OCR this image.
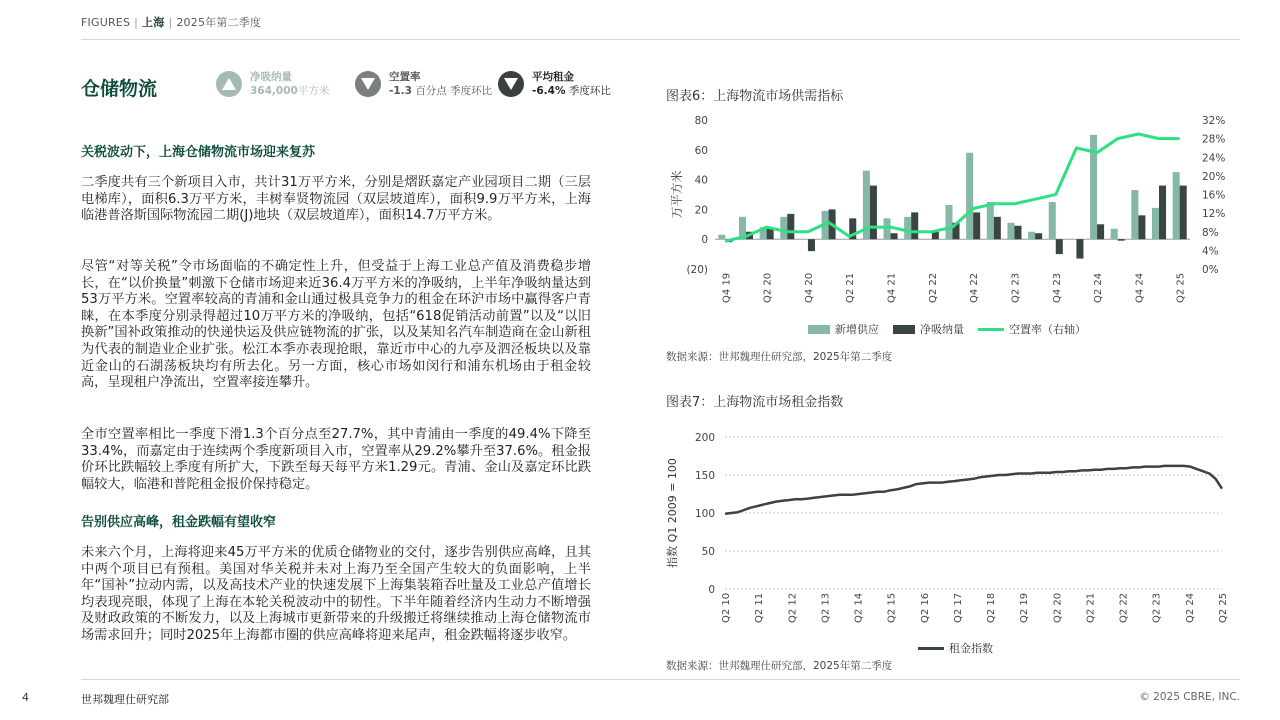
FIGURES | 上海 | 2025年第二季度
仓储物流
净吸纳量
364,000平方米
空置率
-1.3 百分点 季度环比
平均租金
-6.4% 季度环比
关税波动下，上海仓储物流市场迎来复苏
二季度共有三个新项目入市，共计31万平方米，分别是熠跃嘉定产业园项目二期（三层电梯库），面积6.3万平方米，丰树奉贤物流园（双层坡道库），面积9.9万平方米，上海临港普洛斯国际物流园二期(J)地块（双层坡道库），面积14.7万平方米。
尽管“对等关税”令市场面临的不确定性上升，但受益于上海工业总产值及消费稳步增长，在“以价换量”刺激下仓储市场迎来近36.4万平方米的净吸纳，上半年净吸纳量达到53万平方米。空置率较高的青浦和金山通过极具竞争力的租金在环沪市场中赢得客户青睐，在本季度分别录得超过10万平方米的净吸纳，包括“618促销活动前置”以及“以旧换新”国补政策推动的快递快运及供应链物流的扩张，以及某知名汽车制造商在金山新租为代表的制造业企业扩张。松江本季亦表现抢眼，靠近市中心的九亭及泗泾板块以及靠近金山的石湖荡板块均有所去化。另一方面，核心市场如闵行和浦东机场由于租金较高，呈现租户净流出，空置率接连攀升。
全市空置率相比一季度下滑1.3个百分点至27.7%，其中青浦由一季度的49.4%下降至33.4%，而嘉定由于连续两个季度新项目入市，空置率从29.2%攀升至37.6%。租金报价环比跌幅较上季度有所扩大，下跌至每天每平方米1.29元。青浦、金山及嘉定环比跌幅较大，临港和普陀租金报价保持稳定。
告别供应高峰，租金跌幅有望收窄
未来六个月，上海将迎来45万平方米的优质仓储物业的交付，逐步告别供应高峰，且其中两个项目已有预租。美国对华关税并未对上海乃至全国产生较大的负面影响，上半年“国补”拉动内需，以及高技术产业的快速发展下上海集装箱吞吐量及工业总产值增长均表现亮眼，体现了上海在本轮关税波动中的韧性。下半年随着经济内生动力不断增强及财政政策的不断发力，以及上海城市更新带来的升级搬迁将继续推动上海仓储物流市场需求回升；同时2025年上海都市圈的供应高峰将迎来尾声，租金跌幅将逐步收窄。
图表6：上海物流市场供需指标
(20)
0
20
40
60
80
0%
4%
8%
12%
16%
20%
24%
28%
32%
万平方米
Q4 19	Q2 20	Q4 20	Q2 21	Q4 21	Q2 22	Q4 22	Q2 23	Q4 23	Q2 24	Q4 24	Q2 25
新增供应	净吸纳量	空置率（右轴）
数据来源：世邦魏理仕研究部，2025年第二季度
图表7：上海物流市场租金指数
0
50
100
150
200
指数 Q1 2009 = 100
Q2 10 Q2 11 Q2 12 Q2 13 Q2 14 Q2 15 Q2 16 Q2 17 Q2 18 Q2 19 Q2 20 Q2 21 Q2 22 Q2 23 Q2 24 Q2 25
租金指数
数据来源：世邦魏理仕研究部，2025年第二季度
4	世邦魏理仕研究部	© 2025 CBRE, INC.
